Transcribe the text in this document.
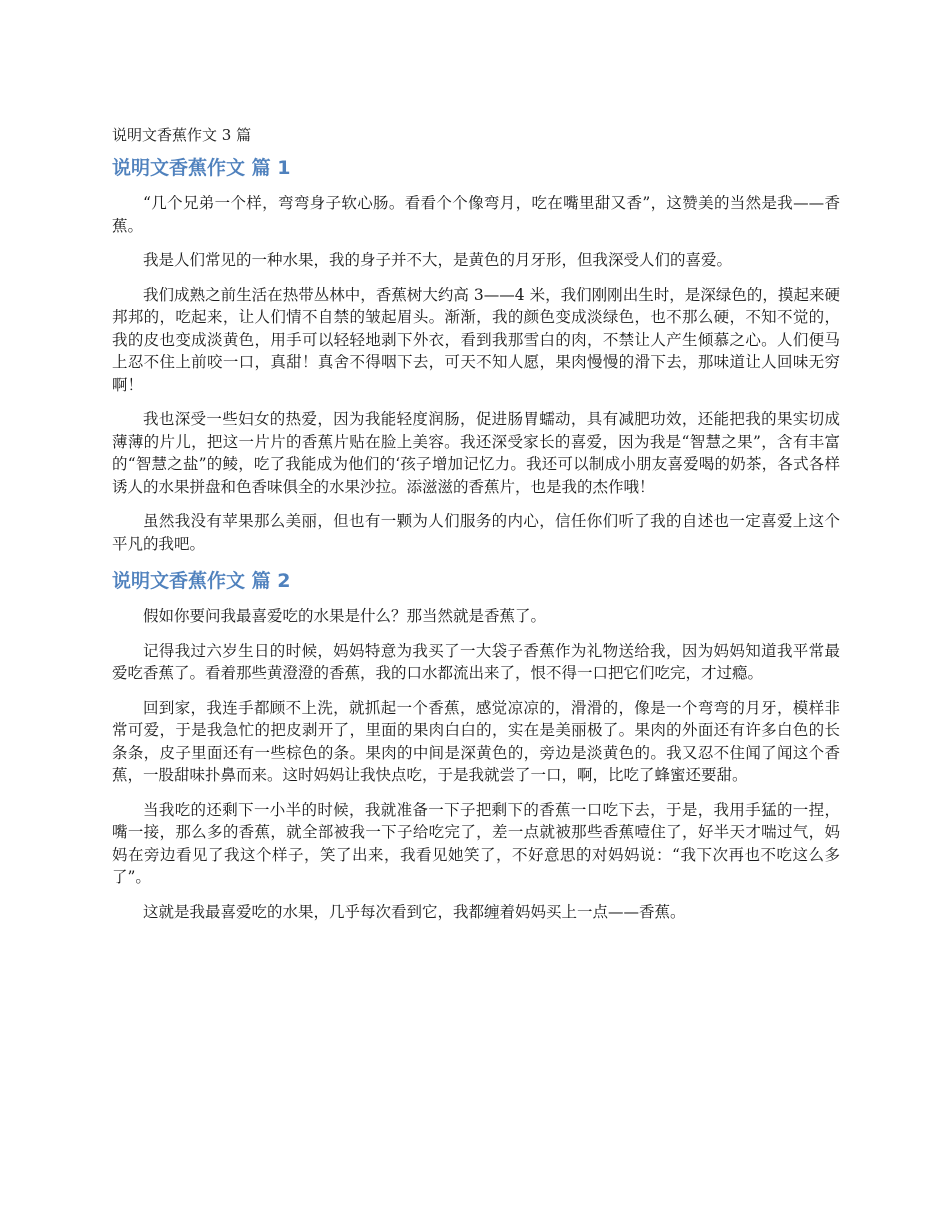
说明文香蕉作文 3 篇
说明文香蕉作文 篇 1

“几个兄弟一个样，弯弯身子软心肠。看看个个像弯月，吃在嘴里甜又香”，这赞美的当然是我——香蕉。

我是人们常见的一种水果，我的身子并不大，是黄色的月牙形，但我深受人们的喜爱。

我们成熟之前生活在热带丛林中，香蕉树大约高 3——4 米，我们刚刚出生时，是深绿色的，摸起来硬邦邦的，吃起来，让人们情不自禁的皱起眉头。渐渐，我的颜色变成淡绿色，也不那么硬，不知不觉的，我的皮也变成淡黄色，用手可以轻轻地剥下外衣，看到我那雪白的肉，不禁让人产生倾慕之心。人们便马上忍不住上前咬一口，真甜！真舍不得咽下去，可天不知人愿，果肉慢慢的滑下去，那味道让人回味无穷啊！

我也深受一些妇女的热爱，因为我能轻度润肠，促进肠胃蠕动，具有减肥功效，还能把我的果实切成薄薄的片儿，把这一片片的香蕉片贴在脸上美容。我还深受家长的喜爱，因为我是“智慧之果”，含有丰富的“智慧之盐”的鲮，吃了我能成为他们的‘孩子增加记忆力。我还可以制成小朋友喜爱喝的奶茶，各式各样诱人的水果拼盘和色香味俱全的水果沙拉。添滋滋的香蕉片，也是我的杰作哦！

虽然我没有苹果那么美丽，但也有一颗为人们服务的内心，信任你们听了我的自述也一定喜爱上这个平凡的我吧。

说明文香蕉作文 篇 2

假如你要问我最喜爱吃的水果是什么？那当然就是香蕉了。

记得我过六岁生日的时候，妈妈特意为我买了一大袋子香蕉作为礼物送给我，因为妈妈知道我平常最爱吃香蕉了。看着那些黄澄澄的香蕉，我的口水都流出来了，恨不得一口把它们吃完，才过瘾。

回到家，我连手都顾不上洗，就抓起一个香蕉，感觉凉凉的，滑滑的，像是一个弯弯的月牙，模样非常可爱，于是我急忙的把皮剥开了，里面的果肉白白的，实在是美丽极了。果肉的外面还有许多白色的长条条，皮子里面还有一些棕色的条。果肉的中间是深黄色的，旁边是淡黄色的。我又忍不住闻了闻这个香蕉，一股甜味扑鼻而来。这时妈妈让我快点吃，于是我就尝了一口，啊，比吃了蜂蜜还要甜。

当我吃的还剩下一小半的时候，我就准备一下子把剩下的香蕉一口吃下去，于是，我用手猛的一捏，嘴一接，那么多的香蕉，就全部被我一下子给吃完了，差一点就被那些香蕉噎住了，好半天才喘过气，妈妈在旁边看见了我这个样子，笑了出来，我看见她笑了，不好意思的对妈妈说：“我下次再也不吃这么多了”。

这就是我最喜爱吃的水果，几乎每次看到它，我都缠着妈妈买上一点——香蕉。
